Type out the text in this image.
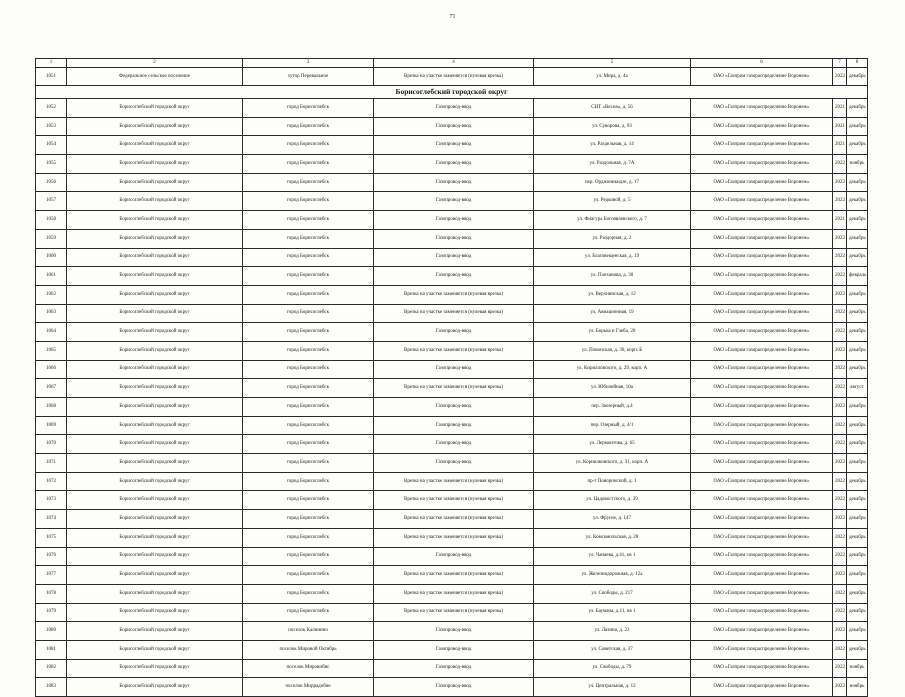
71
1	2	3	4	5	6	7	8
1051	Федеральное сельское поселение	хутор Перевальное	Врезка на участке заменяется (нулевая врезка)	ул. Мира, д. 4а	ОАО «Газпром газораспределение Воронеж»	2022	декабрь
Борисоглебский городской округ							
1052	Борисоглебский городской округ	город Борисоглебск	Газопровод-ввод	СНТ «Весна», д. 56	ОАО «Газпром газораспределение Воронеж»	2021	декабрь
1053	Борисоглебский городской округ	город Борисоглебск	Газопровод-ввод	ул. Суворова, д. 93	ОАО «Газпром газораспределение Воронеж»	2021	декабрь
1054	Борисоглебский городской округ	город Борисоглебск	Газопровод-ввод	ул. Раздельная, д. 14	ОАО «Газпром газораспределение Воронеж»	2021	декабрь
1055	Борисоглебский городской округ	город Борисоглебск	Газопровод-ввод	ул. Раздольная, д. 7А	ОАО «Газпром газораспределение Воронеж»	2022	ноябрь
1056	Борисоглебский городской округ	город Борисоглебск	Газопровод-ввод	пер. Орджоникидзе, д. 17	ОАО «Газпром газораспределение Воронеж»	2022	декабрь
1057	Борисоглебский городской округ	город Борисоглебск	Газопровод-ввод	ул. Редковой, д. 5	ОАО «Газпром газораспределение Воронеж»	2022	декабрь
1058	Борисоглебский городской округ	город Борисоглебск	Газопровод-ввод	ул. Фиагура Богоявленского, д. 7	ОАО «Газпром газораспределение Воронеж»	2021	декабрь
1059	Борисоглебский городской округ	город Борисоглебск	Газопровод-ввод	ул. Раздорная, д. 2	ОАО «Газпром газораспределение Воронеж»	2022	декабрь
1060	Борисоглебский городской округ	город Борисоглебск	Газопровод-ввод	ул. Благовещенская, д. 19	ОАО «Газпром газораспределение Воронеж»	2022	декабрь
1061	Борисоглебский городской округ	город Борисоглебск	Газопровод-ввод	ул. Плеханова, д. 30	ОАО «Газпром газораспределение Воронеж»	2022	февраль
1062	Борисоглебский городской округ	город Борисоглебск	Врезка на участке заменяется (нулевая врезка)	ул. Верхнинская, д. 12	ОАО «Газпром газораспределение Воронеж»	2022	декабрь
1063	Борисоглебский городской округ	город Борисоглебск	Врезка на участке заменяется (нулевая врезка)	ул. Авиационная, 19	ОАО «Газпром газораспределение Воронеж»	2022	декабрь
1064	Борисоглебский городской округ	город Борисоглебск	Газопровод-ввод	ул. Борька и Глеба, 20	ОАО «Газпром газораспределение Воронеж»	2022	декабрь
1065	Борисоглебский городской округ	город Борисоглебск	Врезка на участке заменяется (нулевая врезка)	ул. Повонская, д. 30, корп. Б	ОАО «Газпром газораспределение Воронеж»	2022	декабрь
1066	Борисоглебский городской округ	город Борисоглебск	Газопровод-ввод	ул. Кирилловского, д. 29, корп. А	ОАО «Газпром газораспределение Воронеж»	2022	декабрь
1067	Борисоглебский городской округ	город Борисоглебск	Врезка на участке заменяется (нулевая врезка)	ул. Юбилейная, 10а	ОАО «Газпром газораспределение Воронеж»	2022	август
1068	Борисоглебский городской округ	город Борисоглебск	Газопровод-ввод	пер. Заозерный, д.4	ОАО «Газпром газораспределение Воронеж»	2022	декабрь
1069	Борисоглебский городской округ	город Борисоглебск	Газопровод-ввод	пер. Озерный, д. 4/1	ОАО «Газпром газораспределение Воронеж»	2022	декабрь
1070	Борисоглебский городской округ	город Борисоглебск	Газопровод-ввод	ул. Лермонтова, д. 65	ОАО «Газпром газораспределение Воронеж»	2022	декабрь
1071	Борисоглебский городской округ	город Борисоглебск	Газопровод-ввод	ул. Корнилковского, д. 31, корп. А	ОАО «Газпром газораспределение Воронеж»	2022	декабрь
1072	Борисоглебский городской округ	город Борисоглебск	Врезка на участке заменяется (нулевая врезка)	пр-т Поворинский, д. 1	ОАО «Газпром газораспределение Воронеж»	2022	декабрь
1073	Борисоглебский городской округ	город Борисоглебск	Врезка на участке заменяется (нулевая врезка)	ул. Цадовостского, д. 39	ОАО «Газпром газораспределение Воронеж»	2022	декабрь
1074	Борисоглебский городской округ	город Борисоглебск	Врезка на участке заменяется (нулевая врезка)	ул. Фрунзе, д. 147	ОАО «Газпром газораспределение Воронеж»	2022	декабрь
1075	Борисоглебский городской округ	город Борисоглебск	Врезка на участке заменяется (нулевая врезка)	ул. Комсомольская, д. 28	ОАО «Газпром газораспределение Воронеж»	2022	декабрь
1076	Борисоглебский городской округ	город Борисоглебск	Газопровод-ввод	ул. Чапаева, д.41, кв 1	ОАО «Газпром газораспределение Воронеж»	2022	декабрь
1077	Борисоглебский городской округ	город Борисоглебск	Врезка на участке заменяется (нулевая врезка)	ул. Железнодорожная, д. 12а	ОАО «Газпром газораспределение Воронеж»	2022	декабрь
1078	Борисоглебский городской округ	город Борисоглебск	Врезка на участке заменяется (нулевая врезка)	ул. Свободы, д. 217	ОАО «Газпром газораспределение Воронеж»	2022	декабрь
1079	Борисоглебский городской округ	город Борисоглебск	Врезка на участке заменяется (нулевая врезка)	ул. Баумана, д.11, кв 1	ОАО «Газпром газораспределение Воронеж»	2022	декабрь
1080	Борисоглебский городской округ	поселок Калинино	Газопровод-ввод	ул. Лазина, д. 22	ОАО «Газпром газораспределение Воронеж»	2022	декабрь
1081	Борисоглебский городской округ	поселок Мировой Октябрь	Газопровод-ввод	ул. Советская, д. 37	ОАО «Газпром газораспределение Воронеж»	2022	декабрь
1082	Борисоглебский городской округ	поселок Мировибнс	Газопровод-ввод	ул. Свободы, д. 79	ОАО «Газпром газораспределение Воронеж»	2022	ноябрь
1083	Борисоглебский городской округ	поселок Миррадобне	Газопровод-ввод	ул. Центральная, д. 12	ОАО «Газпром газораспределение Воронеж»	2022	ноябрь
